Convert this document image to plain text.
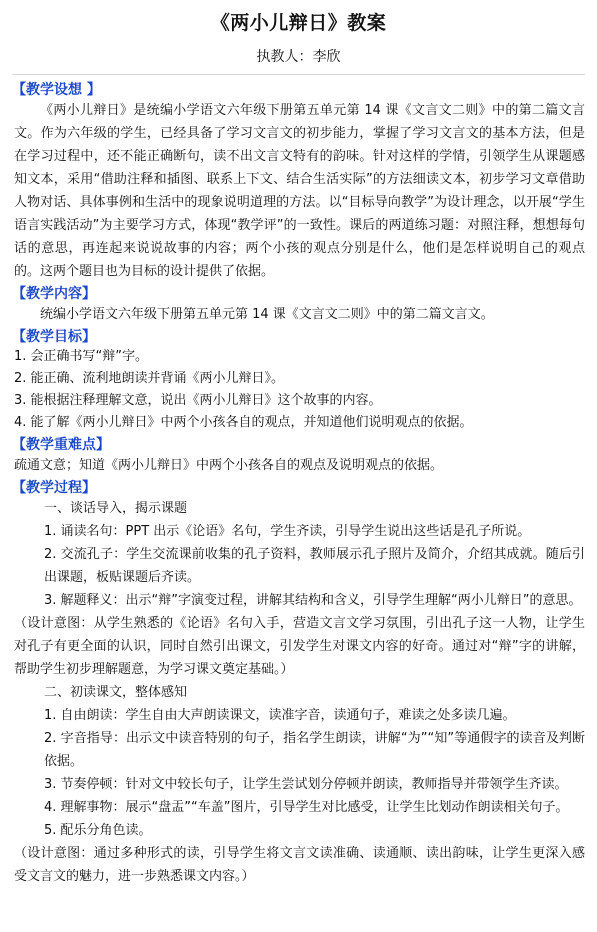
《两小儿辩日》教案
执教人：李欣
【教学设想 】
《两小儿辩日》是统编小学语文六年级下册第五单元第 14 课《文言文二则》中的第二篇文言文。作为六年级的学生，已经具备了学习文言文的初步能力，掌握了学习文言文的基本方法，但是在学习过程中，还不能正确断句，读不出文言文特有的韵味。针对这样的学情，引领学生从课题感知文本，采用“借助注释和插图、联系上下文、结合生活实际”的方法细读文本，初步学习文章借助人物对话、具体事例和生活中的现象说明道理的方法。以“目标导向教学”为设计理念，以开展“学生语言实践活动”为主要学习方式，体现“教学评”的一致性。课后的两道练习题：对照注释，想想每句话的意思，再连起来说说故事的内容；两个小孩的观点分别是什么，他们是怎样说明自己的观点的。这两个题目也为目标的设计提供了依据。
【教学内容】
统编小学语文六年级下册第五单元第 14 课《文言文二则》中的第二篇文言文。
【教学目标】
1. 会正确书写“辩”字。
2. 能正确、流利地朗读并背诵《两小儿辩日》。
3. 能根据注释理解文意，说出《两小儿辩日》这个故事的内容。
4. 能了解《两小儿辩日》中两个小孩各自的观点，并知道他们说明观点的依据。
【教学重难点】
疏通文意；知道《两小儿辩日》中两个小孩各自的观点及说明观点的依据。
【教学过程】
一、谈话导入，揭示课题
1. 诵读名句：PPT 出示《论语》名句，学生齐读，引导学生说出这些话是孔子所说。
2. 交流孔子：学生交流课前收集的孔子资料，教师展示孔子照片及简介，介绍其成就。随后引出课题，板贴课题后齐读。
3. 解题释义：出示“辩”字演变过程，讲解其结构和含义，引导学生理解“两小儿辩日”的意思。
（设计意图：从学生熟悉的《论语》名句入手，营造文言文学习氛围，引出孔子这一人物，让学生对孔子有更全面的认识，同时自然引出课文，引发学生对课文内容的好奇。通过对“辩”字的讲解，帮助学生初步理解题意，为学习课文奠定基础。）
二、初读课文，整体感知
1. 自由朗读：学生自由大声朗读课文，读准字音，读通句子，难读之处多读几遍。
2. 字音指导：出示文中读音特别的句子，指名学生朗读，讲解“为”“知”等通假字的读音及判断依据。
3. 节奏停顿：针对文中较长句子，让学生尝试划分停顿并朗读，教师指导并带领学生齐读。
4. 理解事物：展示“盘盂”“车盖”图片，引导学生对比感受，让学生比划动作朗读相关句子。
5. 配乐分角色读。
（设计意图：通过多种形式的读，引导学生将文言文读准确、读通顺、读出韵味，让学生更深入感受文言文的魅力，进一步熟悉课文内容。）
